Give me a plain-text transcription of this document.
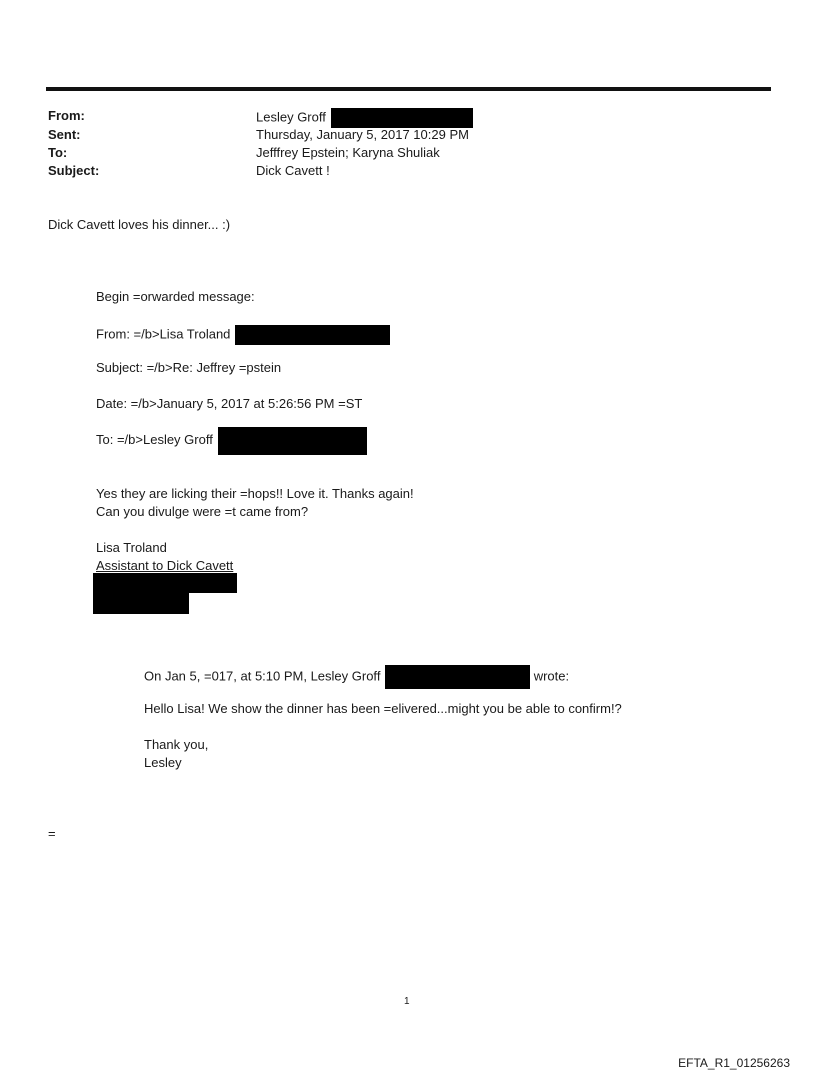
From:	Lesley Groff
Sent:	Thursday, January 5, 2017 10:29 PM
To:	Jefffrey Epstein; Karyna Shuliak
Subject:	Dick Cavett !
Dick Cavett loves his dinner... :)
Begin =orwarded message:
From: =/b>Lisa Troland
Subject: =/b>Re: Jeffrey =pstein
Date: =/b>January 5, 2017 at 5:26:56 PM =ST
To: =/b>Lesley Groff
Yes they are licking their =hops!! Love it. Thanks again!
Can you divulge were =t came from?
Lisa Troland
Assistant to Dick Cavett
On Jan 5, =017, at 5:10 PM, Lesley Groff	wrote:
Hello Lisa! We show the dinner has been =elivered...might you be able to confirm!?
Thank you,
Lesley
=
1
EFTA_R1_01256263
